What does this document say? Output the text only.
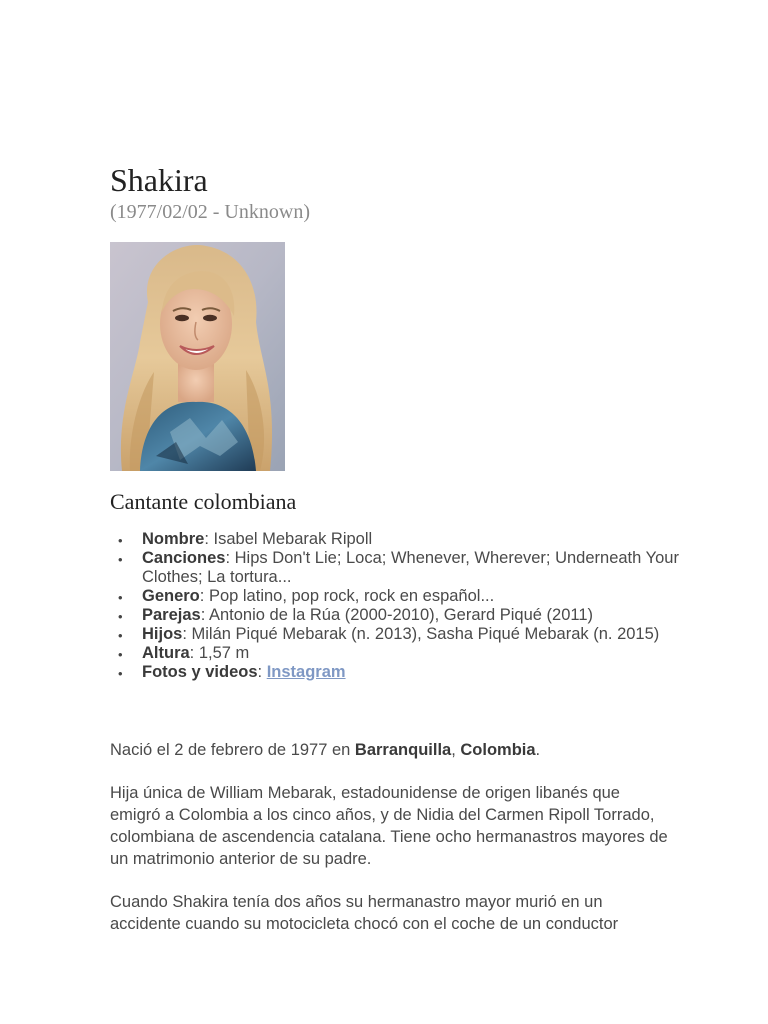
Shakira
(1977/02/02 - Unknown)
Cantante colombiana
• Nombre: Isabel Mebarak Ripoll
• Canciones: Hips Don't Lie; Loca; Whenever, Wherever; Underneath Your Clothes; La tortura...
• Genero: Pop latino, pop rock, rock en español...
• Parejas: Antonio de la Rúa (2000-2010), Gerard Piqué (2011)
• Hijos: Milán Piqué Mebarak (n. 2013), Sasha Piqué Mebarak (n. 2015)
• Altura: 1,57 m
• Fotos y videos: Instagram

Nació el 2 de febrero de 1977 en Barranquilla, Colombia.

Hija única de William Mebarak, estadounidense de origen libanés que emigró a Colombia a los cinco años, y de Nidia del Carmen Ripoll Torrado, colombiana de ascendencia catalana. Tiene ocho hermanastros mayores de un matrimonio anterior de su padre.

Cuando Shakira tenía dos años su hermanastro mayor murió en un accidente cuando su motocicleta chocó con el coche de un conductor
